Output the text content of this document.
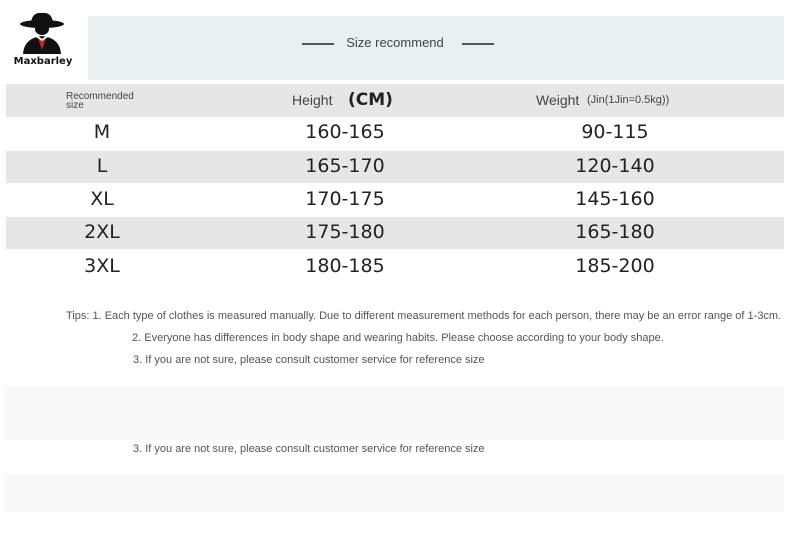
Maxbarley
Size recommend
Recommended
size	Height (CM)	Weight (Jin(1Jin=0.5kg))
M	160-165	90-115
L	165-170	120-140
XL	170-175	145-160
2XL	175-180	165-180
3XL	180-185	185-200
Tips: 1. Each type of clothes is measured manually. Due to different measurement methods for each person, there may be an error range of 1-3cm.
2. Everyone has differences in body shape and wearing habits. Please choose according to your body shape.
3. If you are not sure, please consult customer service for reference size
3. If you are not sure, please consult customer service for reference size
